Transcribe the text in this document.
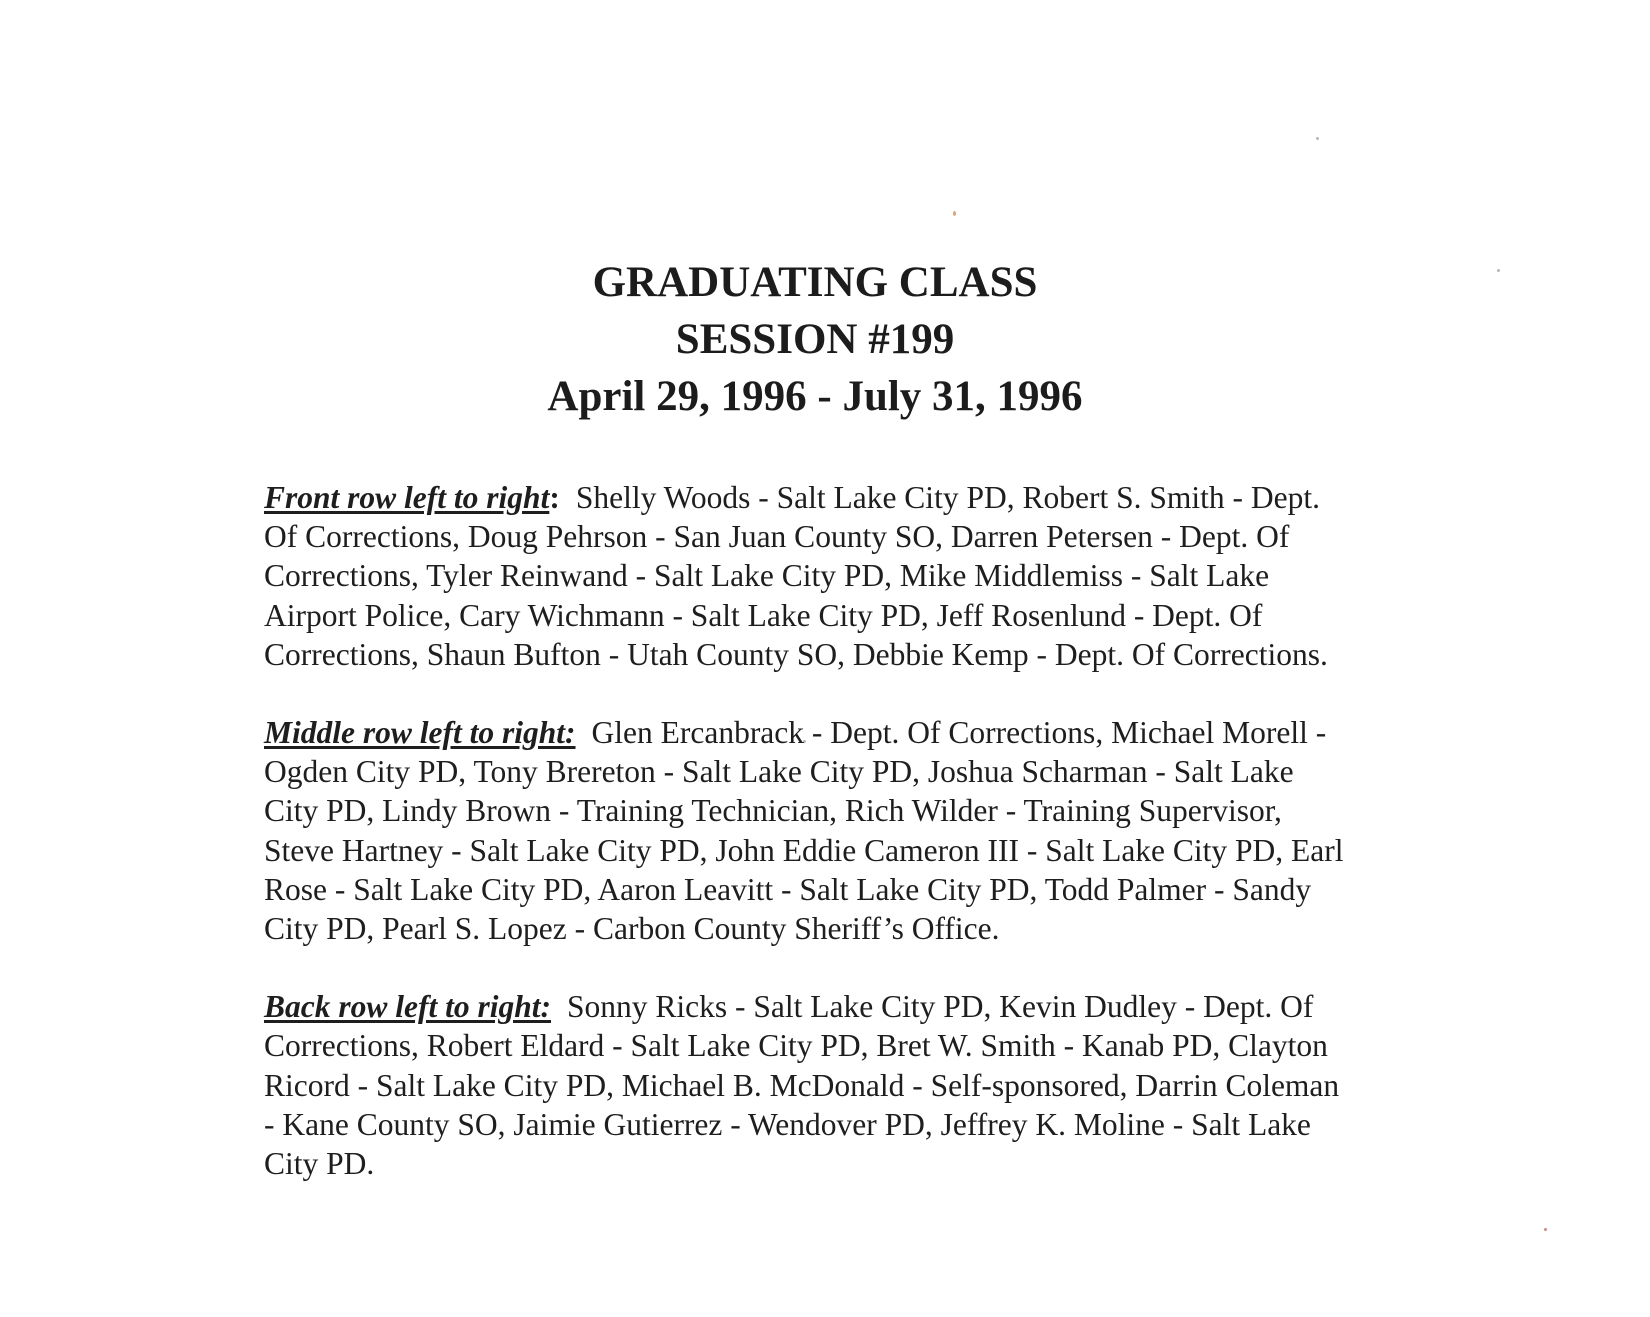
GRADUATING CLASS
SESSION #199
April 29, 1996 - July 31, 1996

Front row left to right: Shelly Woods - Salt Lake City PD, Robert S. Smith - Dept. Of Corrections, Doug Pehrson - San Juan County SO, Darren Petersen - Dept. Of Corrections, Tyler Reinwand - Salt Lake City PD, Mike Middlemiss - Salt Lake Airport Police, Cary Wichmann - Salt Lake City PD, Jeff Rosenlund - Dept. Of Corrections, Shaun Bufton - Utah County SO, Debbie Kemp - Dept. Of Corrections.

Middle row left to right: Glen Ercanbrack - Dept. Of Corrections, Michael Morell - Ogden City PD, Tony Brereton - Salt Lake City PD, Joshua Scharman - Salt Lake City PD, Lindy Brown - Training Technician, Rich Wilder - Training Supervisor, Steve Hartney - Salt Lake City PD, John Eddie Cameron III - Salt Lake City PD, Earl Rose - Salt Lake City PD, Aaron Leavitt - Salt Lake City PD, Todd Palmer - Sandy City PD, Pearl S. Lopez - Carbon County Sheriff’s Office.

Back row left to right: Sonny Ricks - Salt Lake City PD, Kevin Dudley - Dept. Of Corrections, Robert Eldard - Salt Lake City PD, Bret W. Smith - Kanab PD, Clayton Ricord - Salt Lake City PD, Michael B. McDonald - Self-sponsored, Darrin Coleman - Kane County SO, Jaimie Gutierrez - Wendover PD, Jeffrey K. Moline - Salt Lake City PD.
